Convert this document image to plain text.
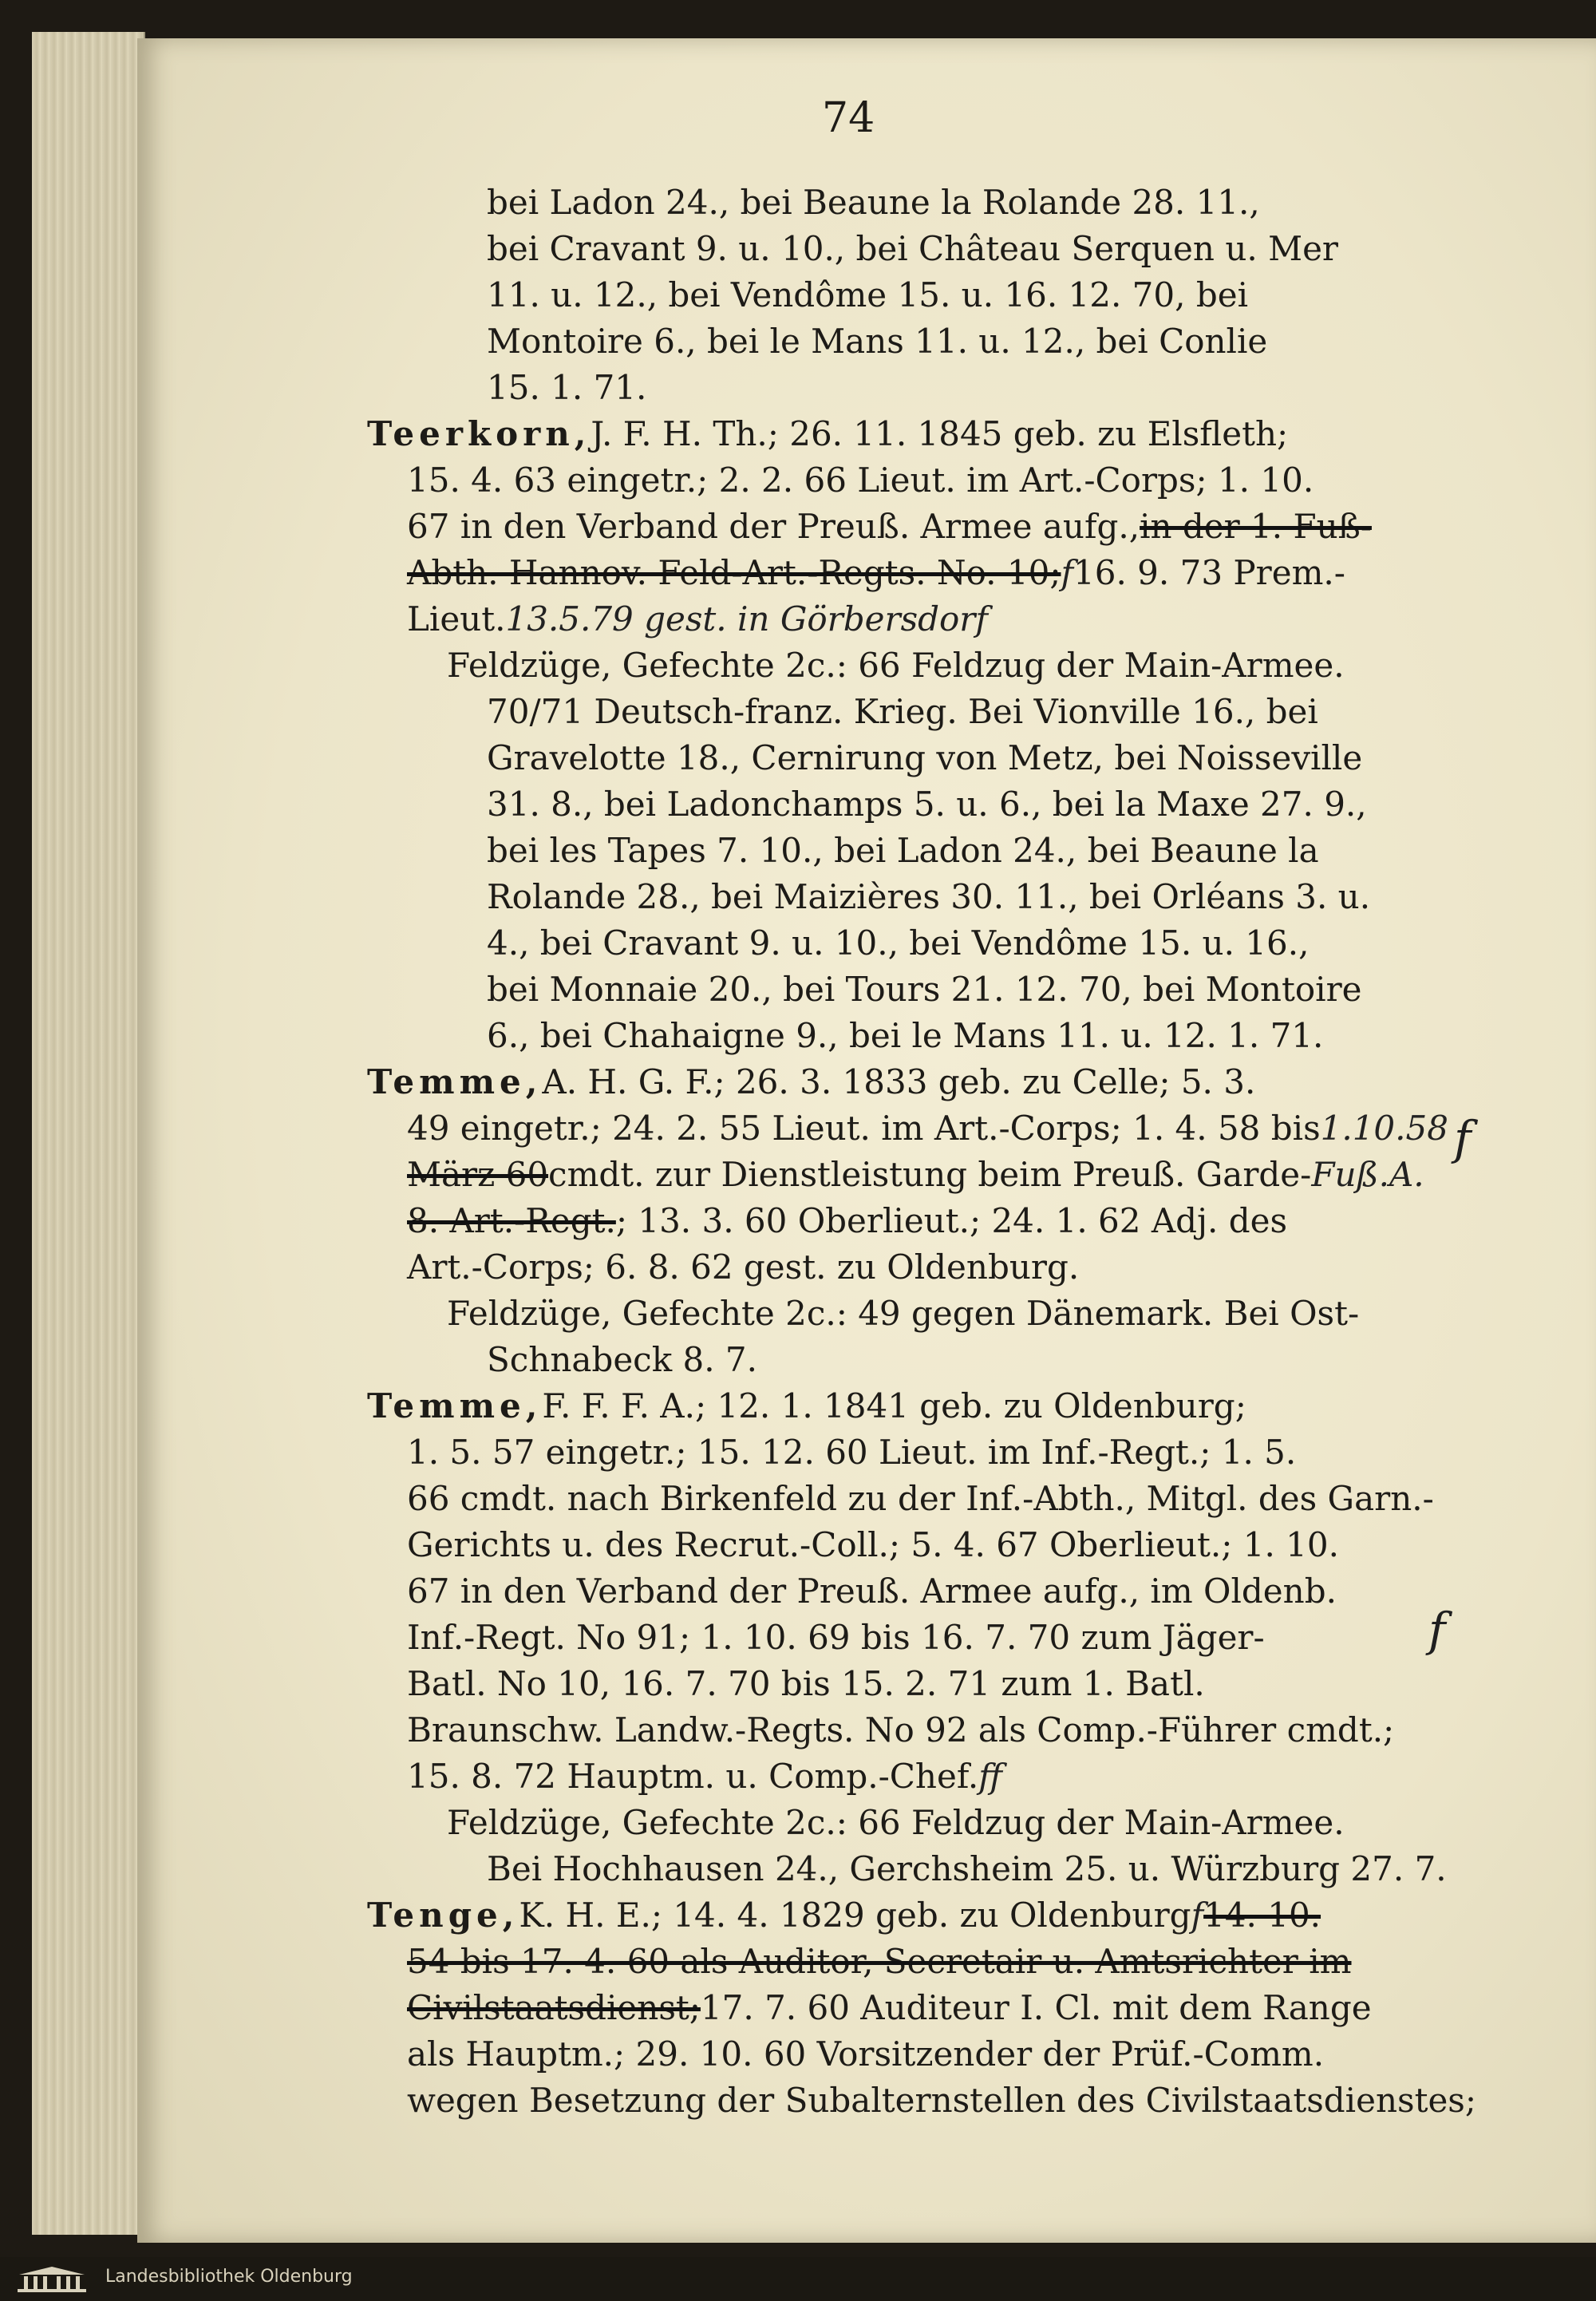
74
bei Ladon 24., bei Beaune la Rolande 28. 11.,
bei Cravant 9. u. 10., bei Château Serquen u. Mer
11. u. 12., bei Vendôme 15. u. 16. 12. 70, bei
Montoire 6., bei le Mans 11. u. 12., bei Conlie
15. 1. 71.
Teerkorn,J. F. H. Th.; 26. 11. 1845 geb. zu Elsfleth;
15. 4. 63 eingetr.; 2. 2. 66 Lieut. im Art.-Corps; 1. 10.
67 in den Verband der Preuß. Armee aufg.,in der 1. Fuß-
Abth. Hannov. Feld-Art.-Regts. No. 10;f16. 9. 73 Prem.-
Lieut.13.5.79 gest. in Görbersdorf
Feldzüge, Gefechte 2c.: 66 Feldzug der Main-Armee.
70/71 Deutsch-franz. Krieg. Bei Vionville 16., bei
Gravelotte 18., Cernirung von Metz, bei Noisseville
31. 8., bei Ladonchamps 5. u. 6., bei la Maxe 27. 9.,
bei les Tapes 7. 10., bei Ladon 24., bei Beaune la
Rolande 28., bei Maizières 30. 11., bei Orléans 3. u.
4., bei Cravant 9. u. 10., bei Vendôme 15. u. 16.,
bei Monnaie 20., bei Tours 21. 12. 70, bei Montoire
6., bei Chahaigne 9., bei le Mans 11. u. 12. 1. 71.
Temme,A. H. G. F.; 26. 3. 1833 geb. zu Celle; 5. 3.
49 eingetr.; 24. 2. 55 Lieut. im Art.-Corps; 1. 4. 58 bis1.10.58
März 60cmdt. zur Dienstleistung beim Preuß. Garde-Fuß.A.
8. Art.-Regt.; 13. 3. 60 Oberlieut.; 24. 1. 62 Adj. des
Art.-Corps; 6. 8. 62 gest. zu Oldenburg.
Feldzüge, Gefechte 2c.: 49 gegen Dänemark. Bei Ost-
Schnabeck 8. 7.
Temme,F. F. F. A.; 12. 1. 1841 geb. zu Oldenburg;
1. 5. 57 eingetr.; 15. 12. 60 Lieut. im Inf.-Regt.; 1. 5.
66 cmdt. nach Birkenfeld zu der Inf.-Abth., Mitgl. des Garn.-
Gerichts u. des Recrut.-Coll.; 5. 4. 67 Oberlieut.; 1. 10.
67 in den Verband der Preuß. Armee aufg., im Oldenb.
Inf.-Regt. No 91; 1. 10. 69 bis 16. 7. 70 zum Jäger-
Batl. No 10, 16. 7. 70 bis 15. 2. 71 zum 1. Batl.
Braunschw. Landw.-Regts. No 92 als Comp.-Führer cmdt.;
15. 8. 72 Hauptm. u. Comp.-Chef.ff
Feldzüge, Gefechte 2c.: 66 Feldzug der Main-Armee.
Bei Hochhausen 24., Gerchsheim 25. u. Würzburg 27. 7.
Tenge,K. H. E.; 14. 4. 1829 geb. zu Oldenburgf14. 10.
54 bis 17. 4. 60 als Auditor, Secretair u. Amtsrichter im
Civilstaatsdienst;17. 7. 60 Auditeur I. Cl. mit dem Range
als Hauptm.; 29. 10. 60 Vorsitzender der Prüf.-Comm.
wegen Besetzung der Subalternstellen des Civilstaatsdienstes;
f
f
Landesbibliothek Oldenburg
